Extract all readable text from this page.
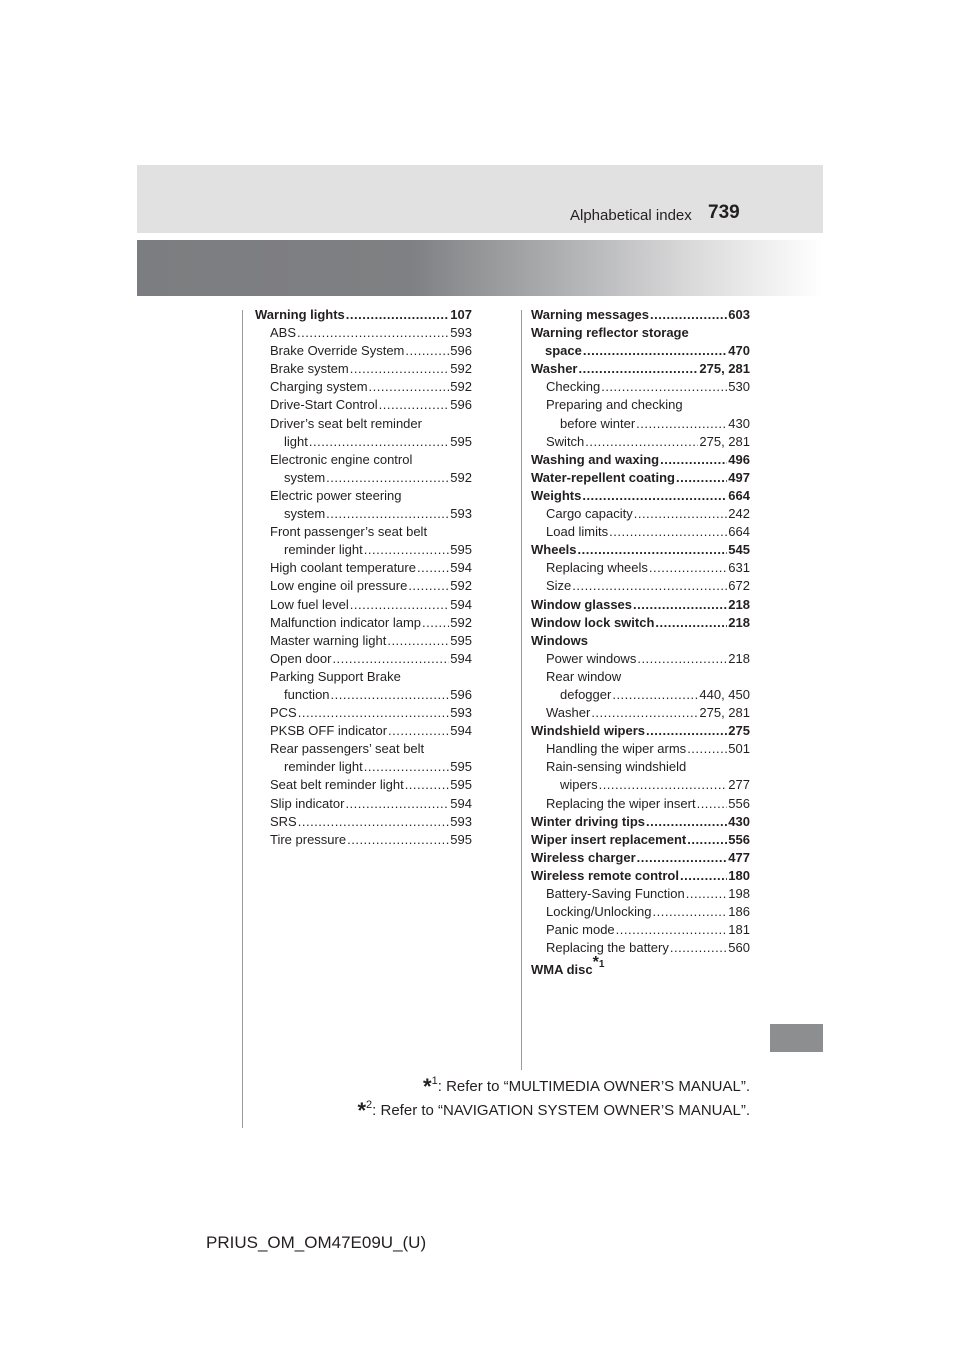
Alphabetical index 739
Warning lights .....	107
ABS .....	593
Brake Override System .....	596
Brake system .....	592
Charging system .....	592
Drive-Start Control .....	596
Driver’s seat belt reminder
light .....	595
Electronic engine control
system .....	592
Electric power steering
system .....	593
Front passenger’s seat belt
reminder light .....	595
High coolant temperature .....	594
Low engine oil pressure .....	592
Low fuel level .....	594
Malfunction indicator lamp ..... 592
Master warning light .....	595
Open door .....	594
Parking Support Brake
function .....	596
PCS .....	593
PKSB OFF indicator .....	594
Rear passengers’ seat belt
reminder light .....	595
Seat belt reminder light .....	595
Slip indicator .....	594
SRS .....	593
Tire pressure .....	595
Warning messages .....	603
Warning reflector storage
space .....	470
Washer .....	275, 281
Checking .....	530
Preparing and checking
before winter .....	430
Switch .....	275, 281
Washing and waxing .....	496
Water-repellent coating .....	497
Weights .....	664
Cargo capacity .....	242
Load limits .....	664
Wheels .....	545
Replacing wheels .....	631
Size .....	672
Window glasses .....	218
Window lock switch .....	218
Windows
Power windows .....	218
Rear window
defogger .....	440, 450
Washer .....	275, 281
Windshield wipers .....	275
Handling the wiper arms .....	501
Rain-sensing windshield
wipers .....	277
Replacing the wiper insert .....	556
Winter driving tips .....	430
Wiper insert replacement .....	556
Wireless charger .....	477
Wireless remote control .....	180
Battery-Saving Function .....	198
Locking/Unlocking .....	186
Panic mode .....	181
Replacing the battery .....	560
WMA disc$^{*1}$
*$^1$: Refer to “MULTIMEDIA OWNER’S MANUAL”.
*$^2$: Refer to “NAVIGATION SYSTEM OWNER’S MANUAL”.
PRIUS_OM_OM47E09U_(U)
